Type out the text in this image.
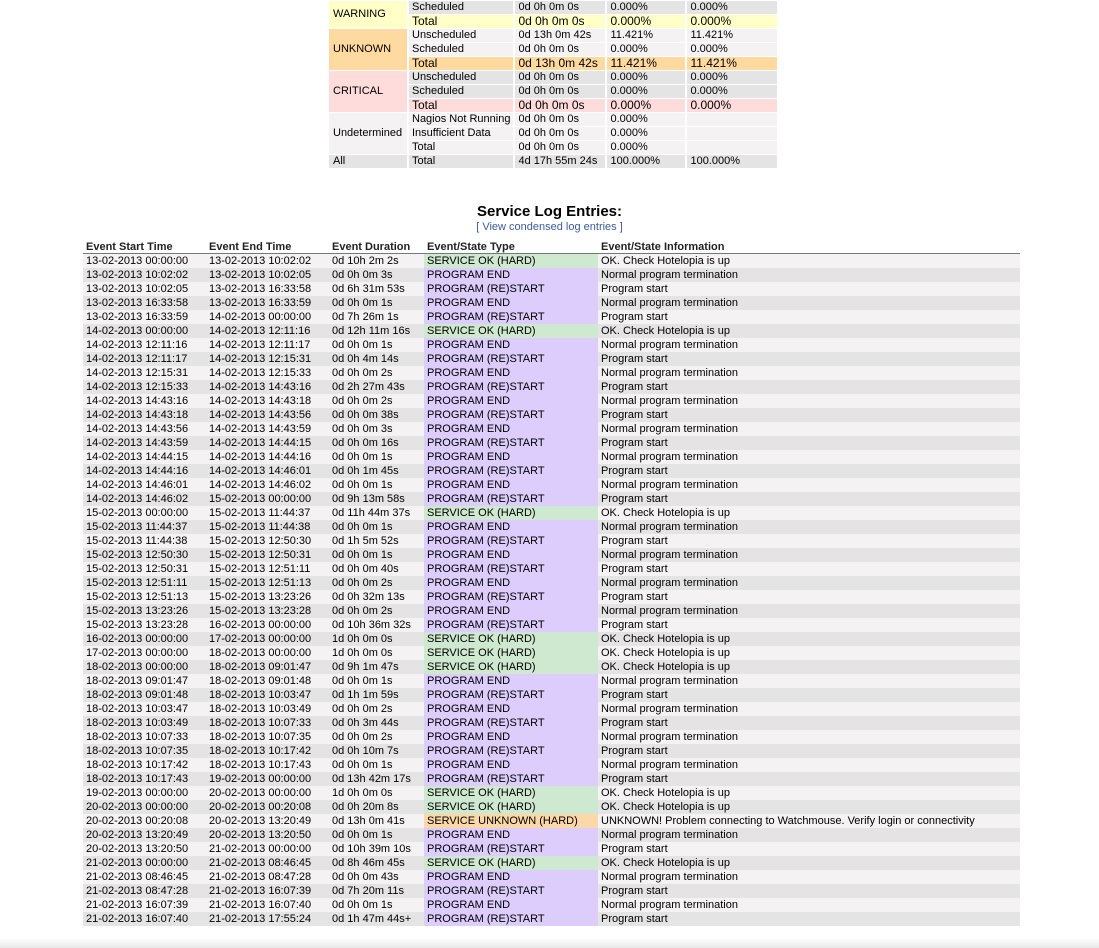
WARNING	Scheduled	0d 0h 0m 0s	0.000%	0.000%
	Total	0d 0h 0m 0s	0.000%	0.000%
UNKNOWN	Unscheduled	0d 13h 0m 42s	11.421%	11.421%
	Scheduled	0d 0h 0m 0s	0.000%	0.000%
	Total	0d 13h 0m 42s	11.421%	11.421%
CRITICAL	Unscheduled	0d 0h 0m 0s	0.000%	0.000%
	Scheduled	0d 0h 0m 0s	0.000%	0.000%
	Total	0d 0h 0m 0s	0.000%	0.000%
Undetermined	Nagios Not Running	0d 0h 0m 0s	0.000%	
	Insufficient Data	0d 0h 0m 0s	0.000%	
	Total	0d 0h 0m 0s	0.000%	
All	Total	4d 17h 55m 24s	100.000%	100.000%
Service Log Entries:
[ View condensed log entries ]
Event Start Time	Event End Time	Event Duration	Event/State Type	Event/State Information
13-02-2013 00:00:00	13-02-2013 10:02:02	0d 10h 2m 2s	SERVICE OK (HARD)	OK. Check Hotelopia is up
13-02-2013 10:02:02	13-02-2013 10:02:05	0d 0h 0m 3s	PROGRAM END	Normal program termination
13-02-2013 10:02:05	13-02-2013 16:33:58	0d 6h 31m 53s	PROGRAM (RE)START	Program start
13-02-2013 16:33:58	13-02-2013 16:33:59	0d 0h 0m 1s	PROGRAM END	Normal program termination
13-02-2013 16:33:59	14-02-2013 00:00:00	0d 7h 26m 1s	PROGRAM (RE)START	Program start
14-02-2013 00:00:00	14-02-2013 12:11:16	0d 12h 11m 16s	SERVICE OK (HARD)	OK. Check Hotelopia is up
14-02-2013 12:11:16	14-02-2013 12:11:17	0d 0h 0m 1s	PROGRAM END	Normal program termination
14-02-2013 12:11:17	14-02-2013 12:15:31	0d 0h 4m 14s	PROGRAM (RE)START	Program start
14-02-2013 12:15:31	14-02-2013 12:15:33	0d 0h 0m 2s	PROGRAM END	Normal program termination
14-02-2013 12:15:33	14-02-2013 14:43:16	0d 2h 27m 43s	PROGRAM (RE)START	Program start
14-02-2013 14:43:16	14-02-2013 14:43:18	0d 0h 0m 2s	PROGRAM END	Normal program termination
14-02-2013 14:43:18	14-02-2013 14:43:56	0d 0h 0m 38s	PROGRAM (RE)START	Program start
14-02-2013 14:43:56	14-02-2013 14:43:59	0d 0h 0m 3s	PROGRAM END	Normal program termination
14-02-2013 14:43:59	14-02-2013 14:44:15	0d 0h 0m 16s	PROGRAM (RE)START	Program start
14-02-2013 14:44:15	14-02-2013 14:44:16	0d 0h 0m 1s	PROGRAM END	Normal program termination
14-02-2013 14:44:16	14-02-2013 14:46:01	0d 0h 1m 45s	PROGRAM (RE)START	Program start
14-02-2013 14:46:01	14-02-2013 14:46:02	0d 0h 0m 1s	PROGRAM END	Normal program termination
14-02-2013 14:46:02	15-02-2013 00:00:00	0d 9h 13m 58s	PROGRAM (RE)START	Program start
15-02-2013 00:00:00	15-02-2013 11:44:37	0d 11h 44m 37s	SERVICE OK (HARD)	OK. Check Hotelopia is up
15-02-2013 11:44:37	15-02-2013 11:44:38	0d 0h 0m 1s	PROGRAM END	Normal program termination
15-02-2013 11:44:38	15-02-2013 12:50:30	0d 1h 5m 52s	PROGRAM (RE)START	Program start
15-02-2013 12:50:30	15-02-2013 12:50:31	0d 0h 0m 1s	PROGRAM END	Normal program termination
15-02-2013 12:50:31	15-02-2013 12:51:11	0d 0h 0m 40s	PROGRAM (RE)START	Program start
15-02-2013 12:51:11	15-02-2013 12:51:13	0d 0h 0m 2s	PROGRAM END	Normal program termination
15-02-2013 12:51:13	15-02-2013 13:23:26	0d 0h 32m 13s	PROGRAM (RE)START	Program start
15-02-2013 13:23:26	15-02-2013 13:23:28	0d 0h 0m 2s	PROGRAM END	Normal program termination
15-02-2013 13:23:28	16-02-2013 00:00:00	0d 10h 36m 32s	PROGRAM (RE)START	Program start
16-02-2013 00:00:00	17-02-2013 00:00:00	1d 0h 0m 0s	SERVICE OK (HARD)	OK. Check Hotelopia is up
17-02-2013 00:00:00	18-02-2013 00:00:00	1d 0h 0m 0s	SERVICE OK (HARD)	OK. Check Hotelopia is up
18-02-2013 00:00:00	18-02-2013 09:01:47	0d 9h 1m 47s	SERVICE OK (HARD)	OK. Check Hotelopia is up
18-02-2013 09:01:47	18-02-2013 09:01:48	0d 0h 0m 1s	PROGRAM END	Normal program termination
18-02-2013 09:01:48	18-02-2013 10:03:47	0d 1h 1m 59s	PROGRAM (RE)START	Program start
18-02-2013 10:03:47	18-02-2013 10:03:49	0d 0h 0m 2s	PROGRAM END	Normal program termination
18-02-2013 10:03:49	18-02-2013 10:07:33	0d 0h 3m 44s	PROGRAM (RE)START	Program start
18-02-2013 10:07:33	18-02-2013 10:07:35	0d 0h 0m 2s	PROGRAM END	Normal program termination
18-02-2013 10:07:35	18-02-2013 10:17:42	0d 0h 10m 7s	PROGRAM (RE)START	Program start
18-02-2013 10:17:42	18-02-2013 10:17:43	0d 0h 0m 1s	PROGRAM END	Normal program termination
18-02-2013 10:17:43	19-02-2013 00:00:00	0d 13h 42m 17s	PROGRAM (RE)START	Program start
19-02-2013 00:00:00	20-02-2013 00:00:00	1d 0h 0m 0s	SERVICE OK (HARD)	OK. Check Hotelopia is up
20-02-2013 00:00:00	20-02-2013 00:20:08	0d 0h 20m 8s	SERVICE OK (HARD)	OK. Check Hotelopia is up
20-02-2013 00:20:08	20-02-2013 13:20:49	0d 13h 0m 41s	SERVICE UNKNOWN (HARD)	UNKNOWN! Problem connecting to Watchmouse. Verify login or connectivity
20-02-2013 13:20:49	20-02-2013 13:20:50	0d 0h 0m 1s	PROGRAM END	Normal program termination
20-02-2013 13:20:50	21-02-2013 00:00:00	0d 10h 39m 10s	PROGRAM (RE)START	Program start
21-02-2013 00:00:00	21-02-2013 08:46:45	0d 8h 46m 45s	SERVICE OK (HARD)	OK. Check Hotelopia is up
21-02-2013 08:46:45	21-02-2013 08:47:28	0d 0h 0m 43s	PROGRAM END	Normal program termination
21-02-2013 08:47:28	21-02-2013 16:07:39	0d 7h 20m 11s	PROGRAM (RE)START	Program start
21-02-2013 16:07:39	21-02-2013 16:07:40	0d 0h 0m 1s	PROGRAM END	Normal program termination
21-02-2013 16:07:40	21-02-2013 17:55:24	0d 1h 47m 44s+	PROGRAM (RE)START	Program start
